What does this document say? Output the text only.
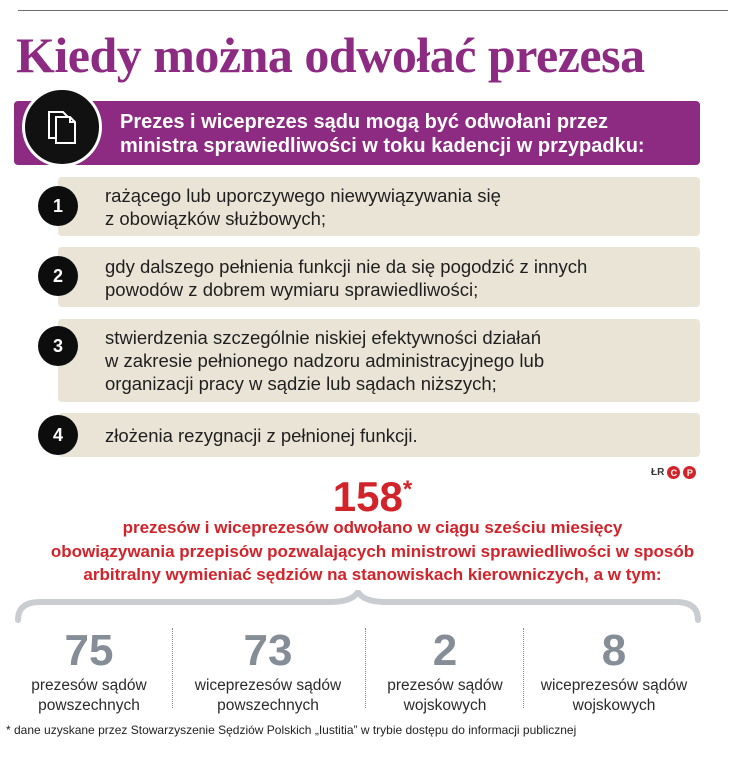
Kiedy można odwołać prezesa

Prezes i wiceprezes sądu mogą być odwołani przez
ministra sprawiedliwości w toku kadencji w przypadku:

rażącego lub uporczywego niewywiązywania się
z obowiązków służbowych;

1

gdy dalszego pełnienia funkcji nie da się pogodzić z innych
powodów z dobrem wymiaru sprawiedliwości;

2

stwierdzenia szczególnie niskiej efektywności działań
w zakresie pełnionego nadzoru administracyjnego lub
organizacji pracy w sądzie lub sądach niższych;

3

złożenia rezygnacji z pełnionej funkcji.

4
ŁR C	P
158*

prezesów i wiceprezesów odwołano w ciągu sześciu miesięcy
obowiązywania przepisów pozwalających ministrowi sprawiedliwości w sposób
arbitralny wymieniać sędziów na stanowiskach kierowniczych, a w tym:

75
prezesów sądów
powszechnych
73
wiceprezesów sądów
powszechnych
2
prezesów sądów
wojskowych
8
wiceprezesów sądów
wojskowych
* dane uzyskane przez Stowarzyszenie Sędziów Polskich „Iustitia” w trybie dostępu do informacji publicznej
